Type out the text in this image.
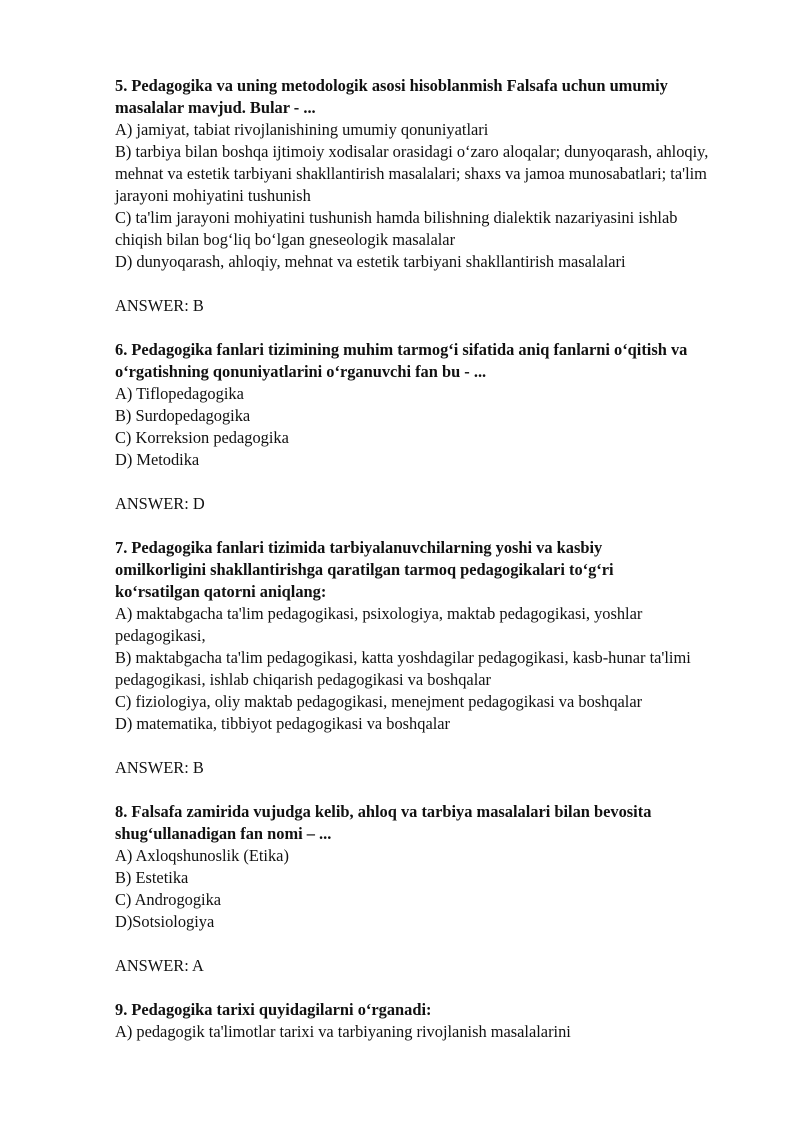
5. Pedagogika va uning metodologik asosi hisoblanmish Falsafa uchun umumiy masalalar mavjud. Bular - ...

A) jamiyat, tabiat rivojlanishining umumiy qonuniyatlari

B) tarbiya bilan boshqa ijtimoiy xodisalar orasidagi o‘zaro aloqalar; dunyoqarash, ahloqiy, mehnat va estetik tarbiyani shakllantirish masalalari; shaxs va jamoa munosabatlari; ta'lim jarayoni mohiyatini tushunish

C) ta'lim jarayoni mohiyatini tushunish hamda bilishning dialektik nazariyasini ishlab chiqish bilan bog‘liq bo‘lgan gneseologik masalalar

D) dunyoqarash, ahloqiy, mehnat va estetik tarbiyani shakllantirish masalalari

ANSWER: B

6. Pedagogika fanlari tizimining muhim tarmog‘i sifatida aniq fanlarni o‘qitish va o‘rgatishning qonuniyatlarini o‘rganuvchi fan bu - ...

A) Tiflopedagogika

B) Surdopedagogika

C) Korreksion pedagogika

D) Metodika

ANSWER: D

7. Pedagogika fanlari tizimida tarbiyalanuvchilarning yoshi va kasbiy omilkorligini shakllantirishga qaratilgan tarmoq pedagogikalari to‘g‘ri ko‘rsatilgan qatorni aniqlang:

A) maktabgacha ta'lim pedagogikasi, psixologiya, maktab pedagogikasi, yoshlar pedagogikasi,

B) maktabgacha ta'lim pedagogikasi, katta yoshdagilar pedagogikasi, kasb-hunar ta'limi pedagogikasi, ishlab chiqarish pedagogikasi va boshqalar

C) fiziologiya, oliy maktab pedagogikasi, menejment pedagogikasi va boshqalar

D) matematika, tibbiyot pedagogikasi va boshqalar

ANSWER: B

8. Falsafa zamirida vujudga kelib, ahloq va tarbiya masalalari bilan bevosita shug‘ullanadigan fan nomi – ...

A) Axloqshunoslik (Etika)

B) Estetika

C) Androgogika

D)Sotsiologiya

ANSWER: A

9. Pedagogika tarixi quyidagilarni o‘rganadi:

A) pedagogik ta'limotlar tarixi va tarbiyaning rivojlanish masalalarini
